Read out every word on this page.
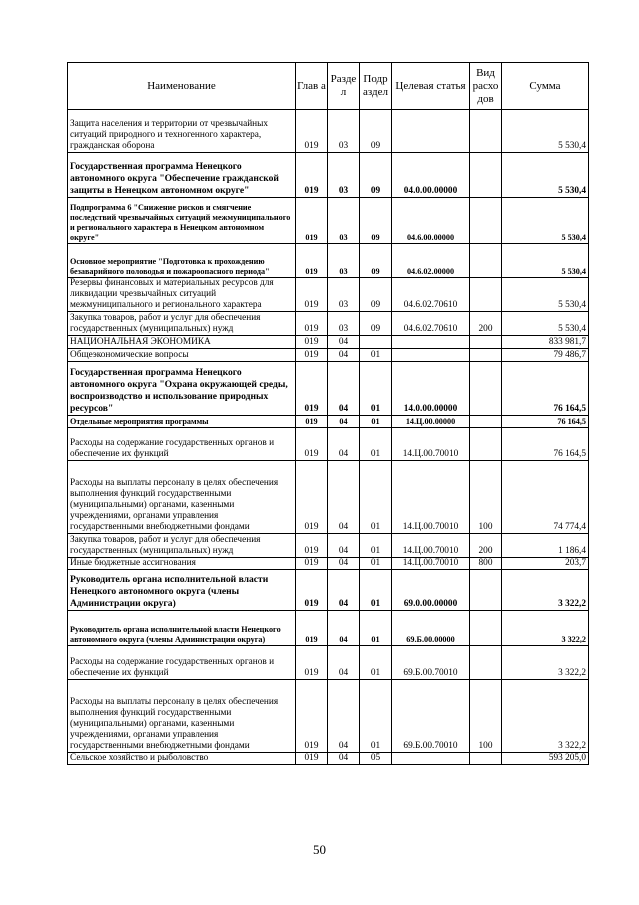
Наименование	Глав а	Разде л	Подр аздел	Целевая статья	Вид расхо дов	Сумма
Защита населения и территории от чрезвычайных ситуаций природного и техногенного характера, гражданская оборона	019	03	09			5 530,4
Государственная программа Ненецкого автономного округа "Обеспечение гражданской защиты в Ненецком автономном округе"	019	03	09	04.0.00.00000		5 530,4
Подпрограмма 6 "Снижение рисков и смягчение последствий чрезвычайных ситуаций межмуниципального и регионального характера в Ненецком автономном округе"	019	03	09	04.6.00.00000		5 530,4
Основное мероприятие "Подготовка к прохождению безаварийного половодья и пожароопасного периода"	019	03	09	04.6.02.00000		5 530,4
Резервы финансовых и материальных ресурсов для ликвидации чрезвычайных ситуаций межмуниципального и регионального характера	019	03	09	04.6.02.70610		5 530,4
Закупка товаров, работ и услуг для обеспечения государственных (муниципальных) нужд	019	03	09	04.6.02.70610	200	5 530,4
НАЦИОНАЛЬНАЯ ЭКОНОМИКА	019	04				833 981,7
Общеэкономические вопросы	019	04	01			79 486,7
Государственная программа Ненецкого автономного округа "Охрана окружающей среды, воспроизводство и использование природных ресурсов"	019	04	01	14.0.00.00000		76 164,5
Отдельные мероприятия программы	019	04	01	14.Ц.00.00000		76 164,5
Расходы на содержание государственных органов и обеспечение их функций	019	04	01	14.Ц.00.70010		76 164,5
Расходы на выплаты персоналу в целях обеспечения выполнения функций государственными (муниципальными) органами, казенными учреждениями, органами управления государственными внебюджетными фондами	019	04	01	14.Ц.00.70010	100	74 774,4
Закупка товаров, работ и услуг для обеспечения государственных (муниципальных) нужд	019	04	01	14.Ц.00.70010	200	1 186,4
Иные бюджетные ассигнования	019	04	01	14.Ц.00.70010	800	203,7
Руководитель органа исполнительной власти Ненецкого автономного округа (члены Администрации округа)	019	04	01	69.0.00.00000		3 322,2
Руководитель органа исполнительной власти Ненецкого автономного округа (члены Администрации округа)	019	04	01	69.Б.00.00000		3 322,2
Расходы на содержание государственных органов и обеспечение их функций	019	04	01	69.Б.00.70010		3 322,2
Расходы на выплаты персоналу в целях обеспечения выполнения функций государственными (муниципальными) органами, казенными учреждениями, органами управления государственными внебюджетными фондами	019	04	01	69.Б.00.70010	100	3 322,2
Сельское хозяйство и рыболовство	019	04	05			593 205,0
50
